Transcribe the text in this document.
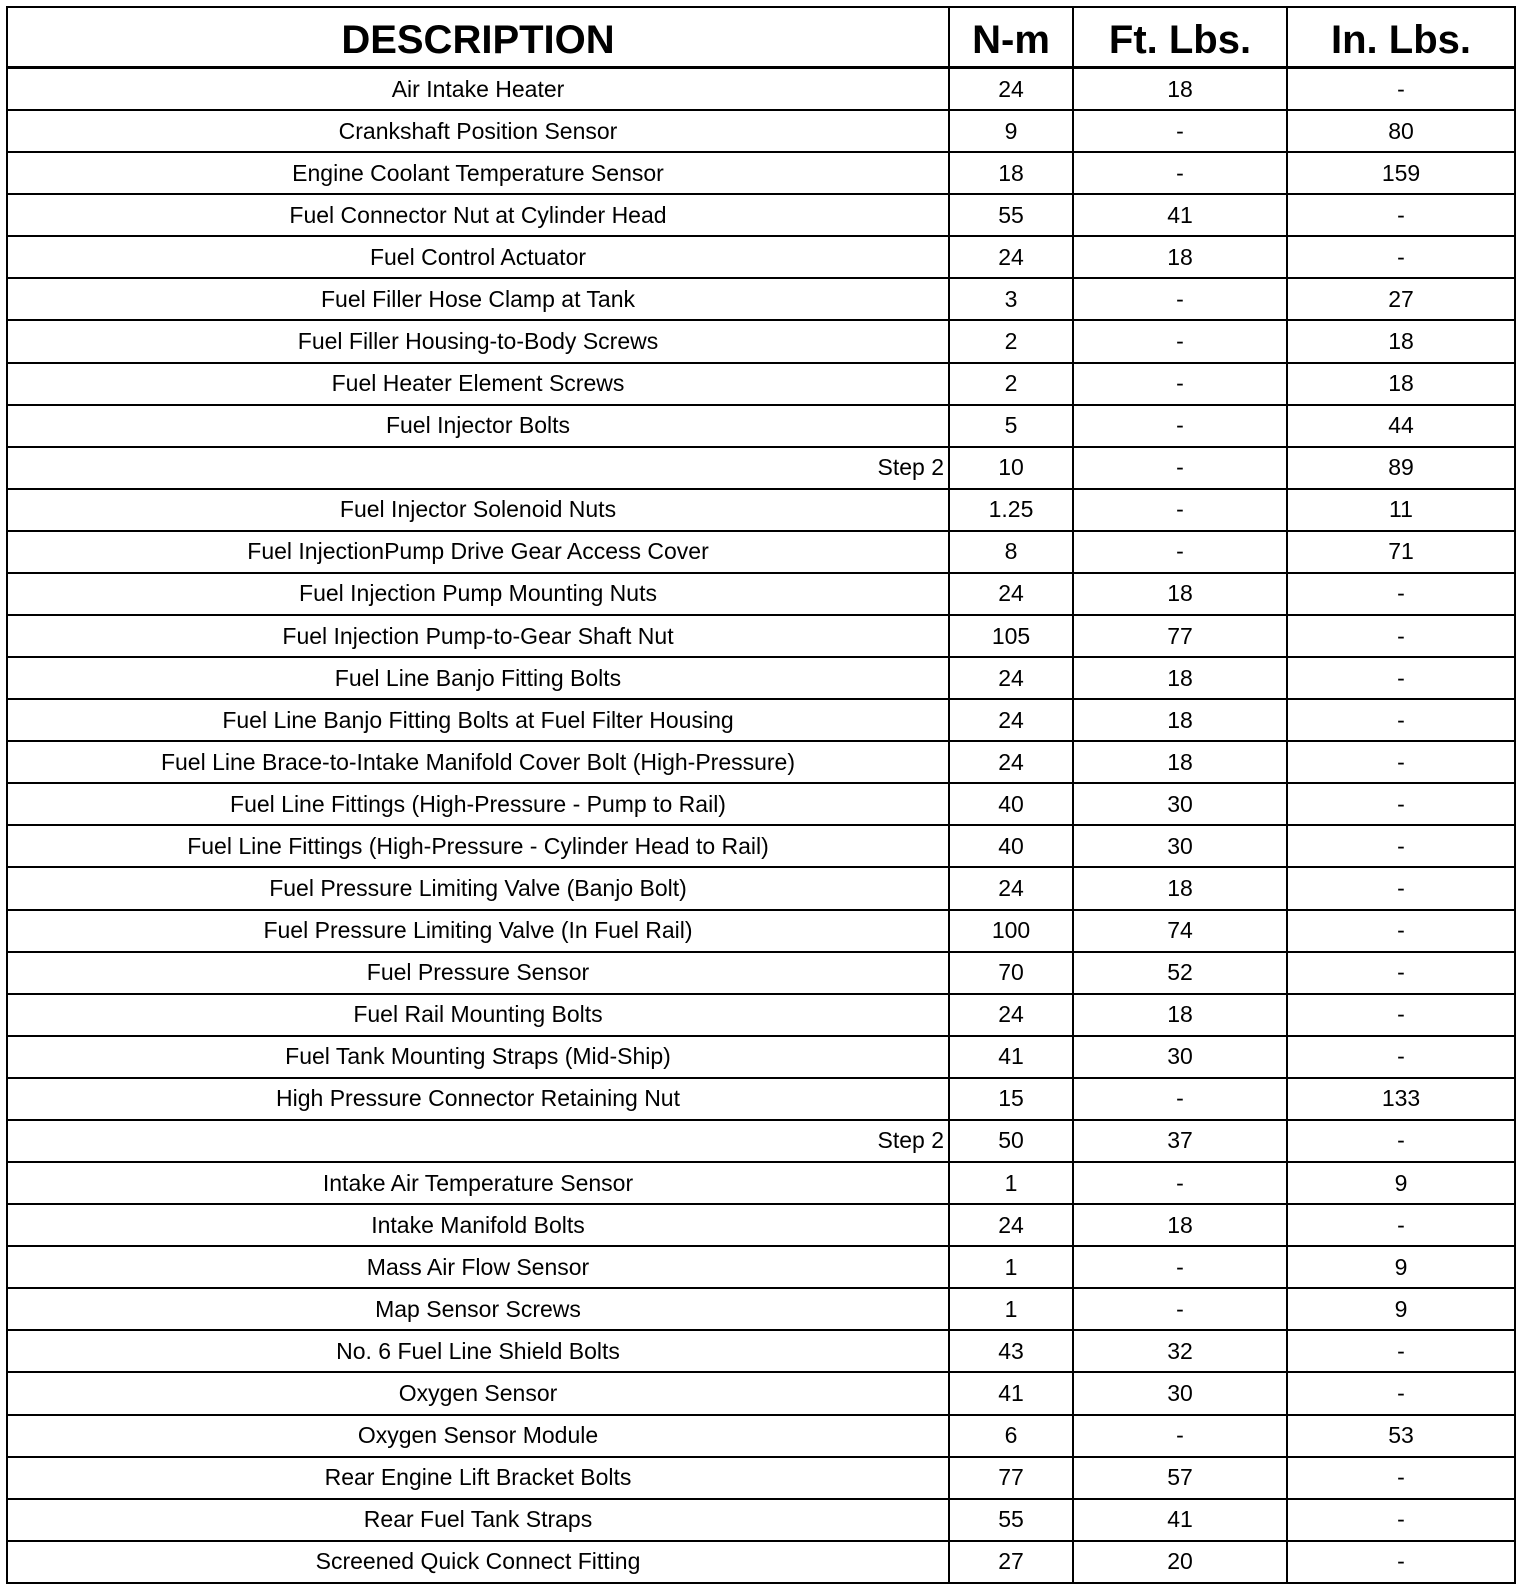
DESCRIPTION	N-m	Ft. Lbs.	In. Lbs.
Air Intake Heater	24	18	-
Crankshaft Position Sensor	9	-	80
Engine Coolant Temperature Sensor	18	-	159
Fuel Connector Nut at Cylinder Head	55	41	-
Fuel Control Actuator	24	18	-
Fuel Filler Hose Clamp at Tank	3	-	27
Fuel Filler Housing-to-Body Screws	2	-	18
Fuel Heater Element Screws	2	-	18
Fuel Injector Bolts	5	-	44
Step 2	10	-	89
Fuel Injector Solenoid Nuts	1.25	-	11
Fuel InjectionPump Drive Gear Access Cover	8	-	71
Fuel Injection Pump Mounting Nuts	24	18	-
Fuel Injection Pump-to-Gear Shaft Nut	105	77	-
Fuel Line Banjo Fitting Bolts	24	18	-
Fuel Line Banjo Fitting Bolts at Fuel Filter Housing	24	18	-
Fuel Line Brace-to-Intake Manifold Cover Bolt (High-Pressure)	24	18	-
Fuel Line Fittings (High-Pressure - Pump to Rail)	40	30	-
Fuel Line Fittings (High-Pressure - Cylinder Head to Rail)	40	30	-
Fuel Pressure Limiting Valve (Banjo Bolt)	24	18	-
Fuel Pressure Limiting Valve (In Fuel Rail)	100	74	-
Fuel Pressure Sensor	70	52	-
Fuel Rail Mounting Bolts	24	18	-
Fuel Tank Mounting Straps (Mid-Ship)	41	30	-
High Pressure Connector Retaining Nut	15	-	133
Step 2	50	37	-
Intake Air Temperature Sensor	1	-	9
Intake Manifold Bolts	24	18	-
Mass Air Flow Sensor	1	-	9
Map Sensor Screws	1	-	9
No. 6 Fuel Line Shield Bolts	43	32	-
Oxygen Sensor	41	30	-
Oxygen Sensor Module	6	-	53
Rear Engine Lift Bracket Bolts	77	57	-
Rear Fuel Tank Straps	55	41	-
Screened Quick Connect Fitting	27	20	-
